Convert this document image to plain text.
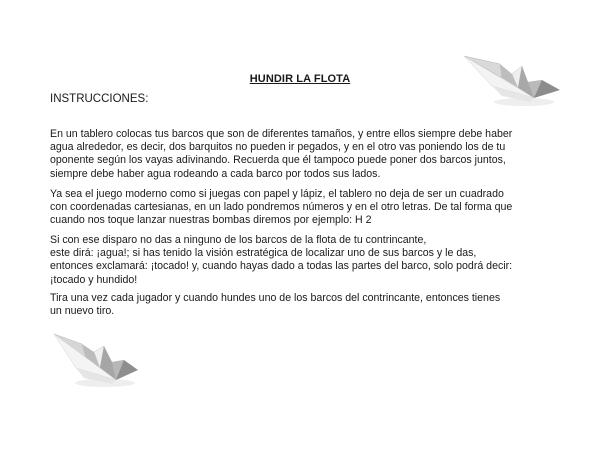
HUNDIR LA FLOTA
INSTRUCCIONES:

En un tablero colocas tus barcos que son de diferentes tamaños, y entre ellos siempre debe haber
agua alrededor, es decir, dos barquitos no pueden ir pegados, y en el otro vas poniendo los de tu
oponente según los vayas adivinando. Recuerda que él tampoco puede poner dos barcos juntos,
siempre debe haber agua rodeando a cada barco por todos sus lados.

Ya sea el juego moderno como si juegas con papel y lápiz, el tablero no deja de ser un cuadrado
con coordenadas cartesianas, en un lado pondremos números y en el otro letras. De tal forma que
cuando nos toque lanzar nuestras bombas diremos por ejemplo: H 2

Si con ese disparo no das a ninguno de los barcos de la flota de tu contrincante,
este dirá: ¡agua!; si has tenido la visión estratégica de localizar uno de sus barcos y le das,
entonces exclamará: ¡tocado! y, cuando hayas dado a todas las partes del barco, solo podrá decir:
¡tocado y hundido!

Tira una vez cada jugador y cuando hundes uno de los barcos del contrincante, entonces tienes
un nuevo tiro.
